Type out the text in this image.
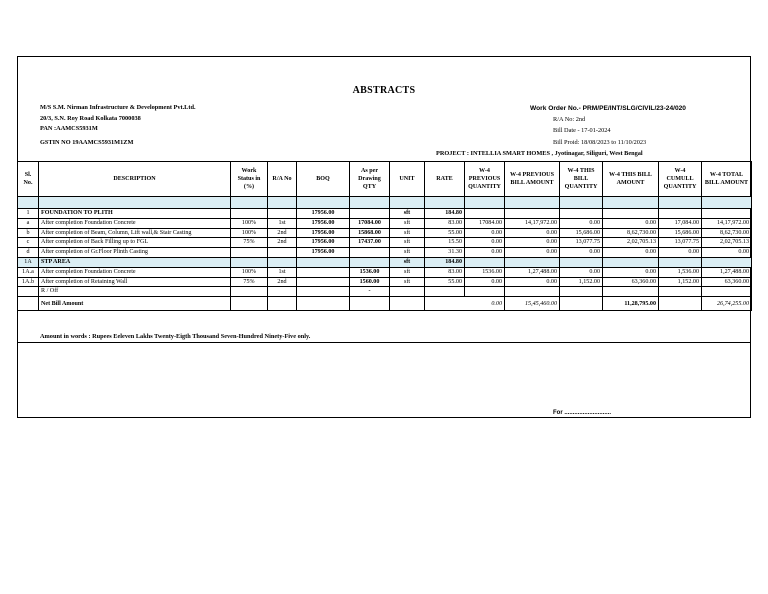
ABSTRACTS
M/S S.M. Nirman Infrastructure & Development Pvt.Ltd.
20/3, S.N. Roy Road Kolkata 7000038
PAN :AAMCS5931M
GSTIN NO 19AAMCS5931M1ZM
Work Order No.- PRM/PE/INT/SLG/CIVIL/23-24/020
R/A No: 2nd
Bill Date - 17-01-2024
Bill Proid: 18/08/2023 to 11/10/2023
PROJECT : INTELLIA SMART HOMES , Jyotinagar, Siliguri, West Bengal
Sl. No.	DESCRIPTION	Work Status in (%)	R/A No	BOQ	As per Drawing QTY	UNIT	RATE	W-4 PREVIOUS QUANTITY	W-4 PREVIOUS BILL AMOUNT	W-4 THIS BILL QUANTITY	W-4 THIS BILL AMOUNT	W-4 CUMULL QUANTITY	W-4 TOTAL BILL AMOUNT

1	FOUNDATION TO PLITH			17956.00		sft	184.80						
a	After completion Foundation Concrete	100%	1st	17956.00	17084.00	sft	83.00	17084.00	14,17,972.00	0.00	0.00	17,084.00	14,17,972.00
b	After completion of Beam, Column, Lift wall,& Stair Casting	100%	2nd	17956.00	15868.00	sft	55.00	0.00	0.00	15,686.00	8,62,730.00	15,686.00	8,62,730.00
c	After completion of Back Filling up to FGL	75%	2nd	17956.00	17437.00	sft	15.50	0.00	0.00	13,077.75	2,02,705.13	13,077.75	2,02,705.13
d	After completion of Gr.Floor Plinth Casting			17956.00		sft	31.30	0.00	0.00	0.00	0.00	0.00	0.00
1A	STP AREA					sft	184.80						
1A.a	After completion Foundation Concrete	100%	1st		1536.00	sft	83.00	1536.00	1,27,488.00	0.00	0.00	1,536.00	1,27,488.00
1A.b	After completion of Retaining Wall	75%	2nd		1560.00	sft	55.00	0.00	0.00	1,152.00	63,360.00	1,152.00	63,360.00
	R / Off				-								
	Net Bill Amount						0.00		15,45,460.00		11,28,795.00		26,74,255.00
Amount in words : Rupees Eeleven Lakhs Twenty-Eigth Thousand Seven-Hundred Ninety-Five only.
For ............................
